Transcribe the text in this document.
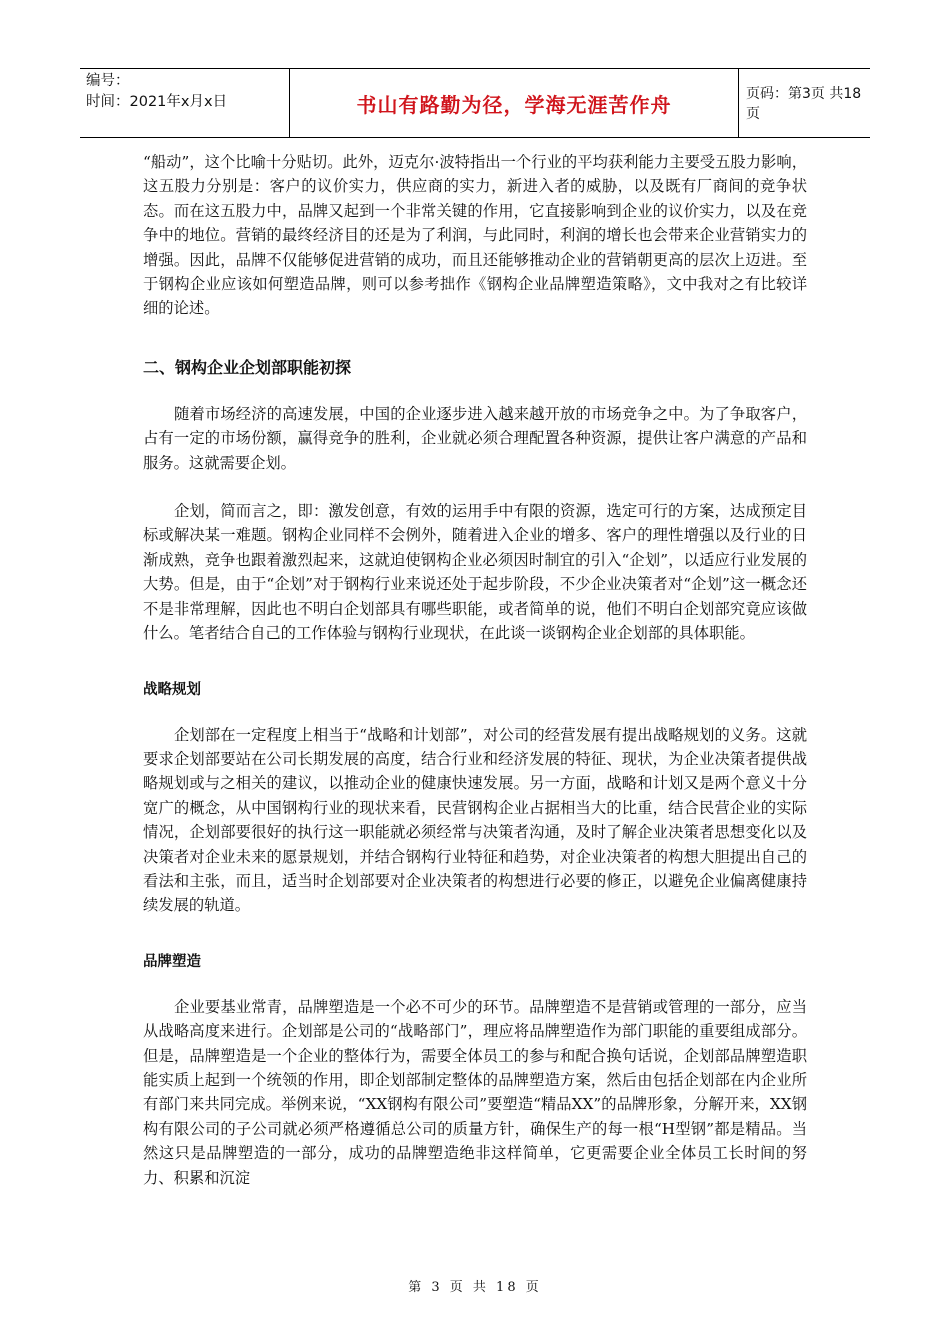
编号：
时间：2021年x月x日	书山有路勤为径，学海无涯苦作舟	页码：第3页 共18页

“船动”，这个比喻十分贴切。此外，迈克尔·波特指出一个行业的平均获利能力主要受五股力影响，这五股力分别是：客户的议价实力，供应商的实力，新进入者的威胁，以及既有厂商间的竞争状态。而在这五股力中，品牌又起到一个非常关键的作用，它直接影响到企业的议价实力，以及在竞争中的地位。营销的最终经济目的还是为了利润，与此同时，利润的增长也会带来企业营销实力的增强。因此，品牌不仅能够促进营销的成功，而且还能够推动企业的营销朝更高的层次上迈进。至于钢构企业应该如何塑造品牌，则可以参考拙作《钢构企业品牌塑造策略》，文中我对之有比较详细的论述。

二、钢构企业企划部职能初探

随着市场经济的高速发展，中国的企业逐步进入越来越开放的市场竞争之中。为了争取客户，占有一定的市场份额，赢得竞争的胜利，企业就必须合理配置各种资源，提供让客户满意的产品和服务。这就需要企划。

企划，简而言之，即：激发创意，有效的运用手中有限的资源，选定可行的方案，达成预定目标或解决某一难题。钢构企业同样不会例外，随着进入企业的增多、客户的理性增强以及行业的日渐成熟，竞争也跟着激烈起来，这就迫使钢构企业必须因时制宜的引入“企划”，以适应行业发展的大势。但是，由于“企划”对于钢构行业来说还处于起步阶段，不少企业决策者对“企划”这一概念还不是非常理解，因此也不明白企划部具有哪些职能，或者简单的说，他们不明白企划部究竟应该做什么。笔者结合自己的工作体验与钢构行业现状，在此谈一谈钢构企业企划部的具体职能。

战略规划

企划部在一定程度上相当于“战略和计划部”，对公司的经营发展有提出战略规划的义务。这就要求企划部要站在公司长期发展的高度，结合行业和经济发展的特征、现状，为企业决策者提供战略规划或与之相关的建议，以推动企业的健康快速发展。另一方面，战略和计划又是两个意义十分宽广的概念，从中国钢构行业的现状来看，民营钢构企业占据相当大的比重，结合民营企业的实际情况，企划部要很好的执行这一职能就必须经常与决策者沟通，及时了解企业决策者思想变化以及决策者对企业未来的愿景规划，并结合钢构行业特征和趋势，对企业决策者的构想大胆提出自己的看法和主张，而且，适当时企划部要对企业决策者的构想进行必要的修正，以避免企业偏离健康持续发展的轨道。

品牌塑造

企业要基业常青，品牌塑造是一个必不可少的环节。品牌塑造不是营销或管理的一部分，应当从战略高度来进行。企划部是公司的“战略部门”，理应将品牌塑造作为部门职能的重要组成部分。但是，品牌塑造是一个企业的整体行为，需要全体员工的参与和配合换句话说，企划部品牌塑造职能实质上起到一个统领的作用，即企划部制定整体的品牌塑造方案，然后由包括企划部在内企业所有部门来共同完成。举例来说，“XX钢构有限公司”要塑造“精品XX”的品牌形象，分解开来，XX钢构有限公司的子公司就必须严格遵循总公司的质量方针，确保生产的每一根“H型钢”都是精品。当然这只是品牌塑造的一部分，成功的品牌塑造绝非这样简单，它更需要企业全体员工长时间的努力、积累和沉淀

第 3 页 共 18 页
